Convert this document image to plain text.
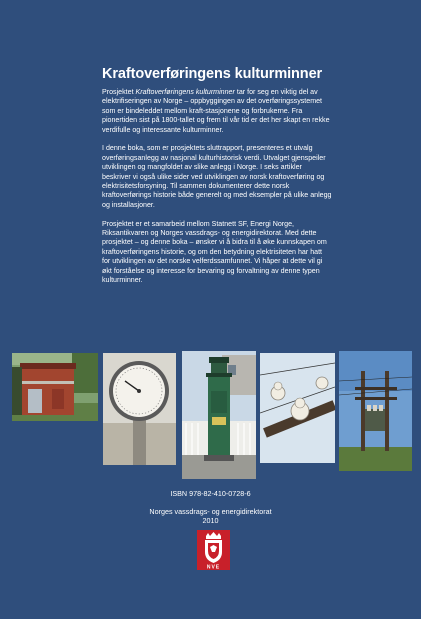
Kraftoverføringens kulturminner

Prosjektet Kraftoverføringens kulturminner tar for seg en viktig del av elektrifiseringen av Norge – oppbyggingen av det overføringssystemet som er bindeleddet mellom kraft-stasjonene og forbrukerne. Fra pionertiden sist på 1800-tallet og frem til vår tid er det her skapt en rekke verdifulle og interessante kulturminner.

I denne boka, som er prosjektets sluttrapport, presenteres et utvalg overføringsanlegg av nasjonal kulturhistorisk verdi. Utvalget gjenspeiler utviklingen og mangfoldet av slike anlegg i Norge. I seks artikler beskriver vi også ulike sider ved utviklingen av norsk kraftoverføring og elektrisitetsforsyning. Til sammen dokumenterer dette norsk kraftoverførings historie både generelt og med eksempler på ulike anlegg og installasjoner.

Prosjektet er et samarbeid mellom Statnett SF, Energi Norge, Riksantikvaren og Norges vassdrags- og energidirektorat. Med dette prosjektet – og denne boka – ønsker vi å bidra til å øke kunnskapen om kraftoverføringens historie, og om den betydning elektrisiteten har hatt for utviklingen av det norske velferdssamfunnet. Vi håper at dette vil gi økt forståelse og interesse for bevaring og forvaltning av denne typen kulturminner.

ISBN 978-82-410-0728-6
Norges vassdrags- og energidirektorat
2010
NVE
